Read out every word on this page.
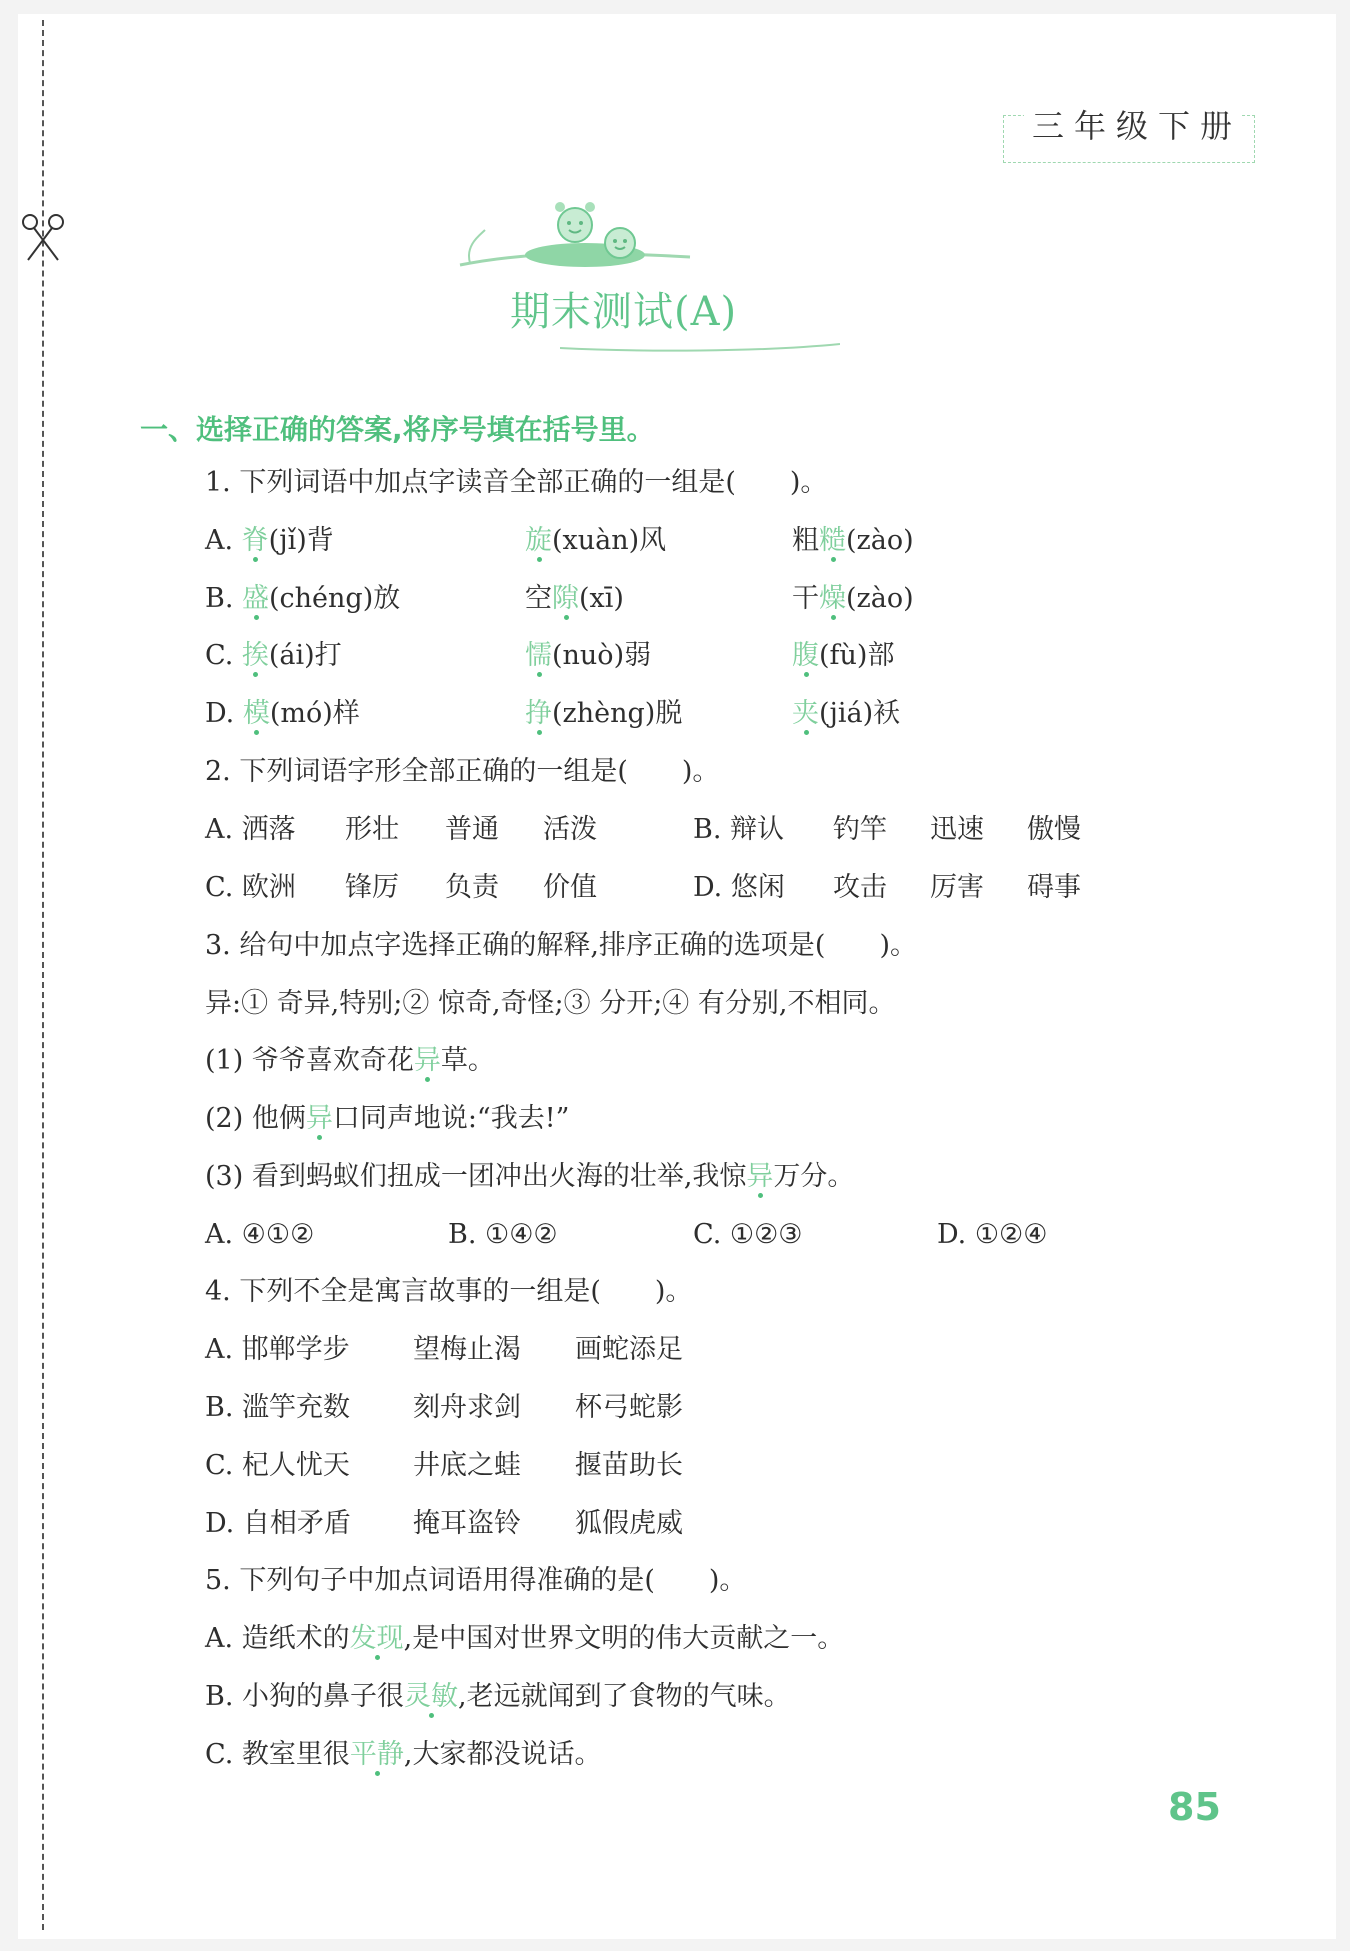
三年级下册
期末测试(A)
一、选择正确的答案,将序号填在括号里。
1. 下列词语中加点字读音全部正确的一组是(　　)。
A. 脊(jǐ)背	旋(xuàn)风	粗糙(zào)
B. 盛(chéng)放	空隙(xī)	干燥(zào)
C. 挨(ái)打	懦(nuò)弱	腹(fù)部
D. 模(mó)样	挣(zhèng)脱	夹(jiá)袄
2. 下列词语字形全部正确的一组是(　　)。
A. 洒落 形壮 普通 活泼	B. 辩认 钓竿 迅速 傲慢
C. 欧洲 锋厉 负责 价值	D. 悠闲 攻击 厉害 碍事
3. 给句中加点字选择正确的解释,排序正确的选项是(　　)。
异:① 奇异,特别;② 惊奇,奇怪;③ 分开;④ 有分别,不相同。
(1) 爷爷喜欢奇花异草。
(2) 他俩异口同声地说:“我去!”
(3) 看到蚂蚁们扭成一团冲出火海的壮举,我惊异万分。
A. ④①②	B. ①④②	C. ①②③	D. ①②④
4. 下列不全是寓言故事的一组是(　　)。
A. 邯郸学步 望梅止渴 画蛇添足
B. 滥竽充数 刻舟求剑 杯弓蛇影
C. 杞人忧天 井底之蛙 揠苗助长
D. 自相矛盾 掩耳盗铃 狐假虎威
5. 下列句子中加点词语用得准确的是(　　)。
A. 造纸术的发现,是中国对世界文明的伟大贡献之一。
B. 小狗的鼻子很灵敏,老远就闻到了食物的气味。
C. 教室里很平静,大家都没说话。
85
